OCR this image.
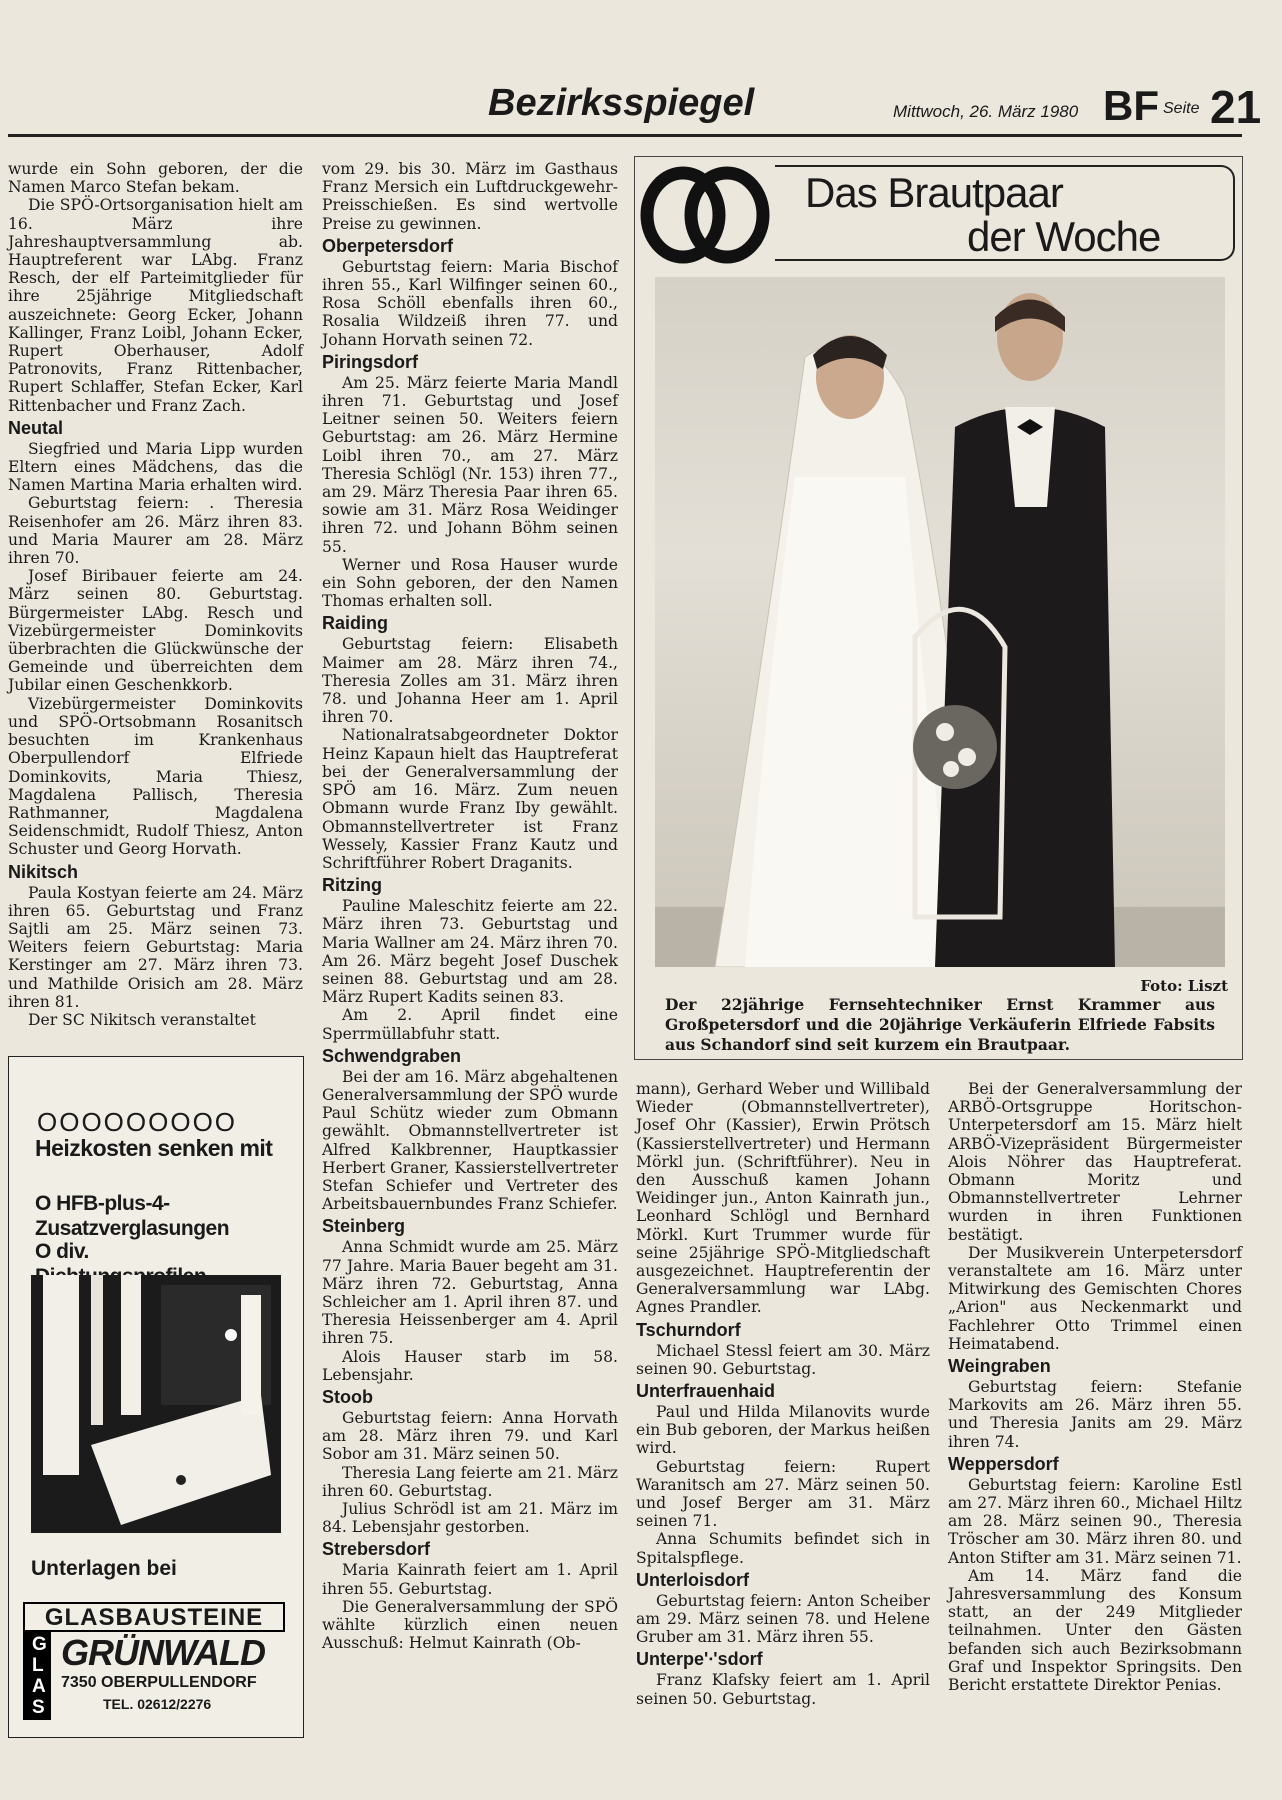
Bezirksspiegel	Mittwoch, 26. März 1980 BF Seite 21

wurde ein Sohn geboren, der die Namen Marco Stefan bekam.

Die SPÖ-Ortsorganisation hielt am 16. März ihre Jahreshauptversammlung ab. Hauptreferent war LAbg. Franz Resch, der elf Parteimitglieder für ihre 25jährige Mitgliedschaft auszeichnete: Georg Ecker, Johann Kallinger, Franz Loibl, Johann Ecker, Rupert Oberhauser, Adolf Patronovits, Franz Rittenbacher, Rupert Schlaffer, Stefan Ecker, Karl Rittenbacher und Franz Zach.

Neutal

Siegfried und Maria Lipp wurden Eltern eines Mädchens, das die Namen Martina Maria erhalten wird.

Geburtstag feiern: . Theresia Reisenhofer am 26. März ihren 83. und Maria Maurer am 28. März ihren 70.

Josef Biribauer feierte am 24. März seinen 80. Geburtstag. Bürgermeister LAbg. Resch und Vizebürgermeister Dominkovits überbrachten die Glückwünsche der Gemeinde und überreichten dem Jubilar einen Geschenkkorb.

Vizebürgermeister Dominkovits und SPÖ-Ortsobmann Rosanitsch besuchten im Krankenhaus Oberpullendorf Elfriede Dominkovits, Maria Thiesz, Magdalena Pallisch, Theresia Rathmanner, Magdalena Seidenschmidt, Rudolf Thiesz, Anton Schuster und Georg Horvath.

Nikitsch

Paula Kostyan feierte am 24. März ihren 65. Geburtstag und Franz Sajtli am 25. März seinen 73. Weiters feiern Geburtstag: Maria Kerstinger am 27. März ihren 73. und Mathilde Orisich am 28. März ihren 81.

Der SC Nikitsch veranstaltet

vom 29. bis 30. März im Gasthaus Franz Mersich ein Luftdruckgewehr-Preisschießen. Es sind wertvolle Preise zu gewinnen.

Oberpetersdorf

Geburtstag feiern: Maria Bischof ihren 55., Karl Wilfinger seinen 60., Rosa Schöll ebenfalls ihren 60., Rosalia Wildzeiß ihren 77. und Johann Horvath seinen 72.

Piringsdorf

Am 25. März feierte Maria Mandl ihren 71. Geburtstag und Josef Leitner seinen 50. Weiters feiern Geburtstag: am 26. März Hermine Loibl ihren 70., am 27. März Theresia Schlögl (Nr. 153) ihren 77., am 29. März Theresia Paar ihren 65. sowie am 31. März Rosa Weidinger ihren 72. und Johann Böhm seinen 55.

Werner und Rosa Hauser wurde ein Sohn geboren, der den Namen Thomas erhalten soll.

Raiding

Geburtstag feiern: Elisabeth Maimer am 28. März ihren 74., Theresia Zolles am 31. März ihren 78. und Johanna Heer am 1. April ihren 70.

Nationalratsabgeordneter Doktor Heinz Kapaun hielt das Hauptreferat bei der Generalversammlung der SPÖ am 16. März. Zum neuen Obmann wurde Franz Iby gewählt. Obmannstellvertreter ist Franz Wessely, Kassier Franz Kautz und Schriftführer Robert Draganits.

Ritzing

Pauline Maleschitz feierte am 22. März ihren 73. Geburtstag und Maria Wallner am 24. März ihren 70. Am 26. März begeht Josef Duschek seinen 88. Geburtstag und am 28. März Rupert Kadits seinen 83.

Am 2. April findet eine Sperrmüllabfuhr statt.

Schwendgraben

Bei der am 16. März abgehaltenen Generalversammlung der SPÖ wurde Paul Schütz wieder zum Obmann gewählt. Obmannstellvertreter ist Alfred Kalkbrenner, Hauptkassier Herbert Graner, Kassierstellvertreter Stefan Schiefer und Vertreter des Arbeitsbauernbundes Franz Schiefer.

Steinberg

Anna Schmidt wurde am 25. März 77 Jahre. Maria Bauer begeht am 31. März ihren 72. Geburtstag, Anna Schleicher am 1. April ihren 87. und Theresia Heissenberger am 4. April ihren 75.

Alois Hauser starb im 58. Lebensjahr.

Stoob

Geburtstag feiern: Anna Horvath am 28. März ihren 79. und Karl Sobor am 31. März seinen 50.

Theresia Lang feierte am 21. März ihren 60. Geburtstag.

Julius Schrödl ist am 21. März im 84. Lebensjahr gestorben.

Strebersdorf

Maria Kainrath feiert am 1. April ihren 55. Geburtstag.

Die Generalversammlung der SPÖ wählte kürzlich einen neuen Ausschuß: Helmut Kainrath (Ob-

Das Brautpaar
der Woche
Foto: Liszt
Der 22jährige Fernsehtechniker Ernst Krammer aus Großpetersdorf und die 20jährige Verkäuferin Elfriede Fabsits aus Schandorf sind seit kurzem ein Brautpaar.

mann), Gerhard Weber und Willibald Wieder (Obmannstellvertreter), Josef Ohr (Kassier), Erwin Prötsch (Kassierstellvertreter) und Hermann Mörkl jun. (Schriftführer). Neu in den Ausschuß kamen Johann Weidinger jun., Anton Kainrath jun., Leonhard Schlögl und Bernhard Mörkl. Kurt Trummer wurde für seine 25jährige SPÖ-Mitgliedschaft ausgezeichnet. Hauptreferentin der Generalversammlung war LAbg. Agnes Prandler.

Tschurndorf

Michael Stessl feiert am 30. März seinen 90. Geburtstag.

Unterfrauenhaid

Paul und Hilda Milanovits wurde ein Bub geboren, der Markus heißen wird.

Geburtstag feiern: Rupert Waranitsch am 27. März seinen 50. und Josef Berger am 31. März seinen 71.

Anna Schumits befindet sich in Spitalspflege.

Unterloisdorf

Geburtstag feiern: Anton Scheiber am 29. März seinen 78. und Helene Gruber am 31. März ihren 55.

Unterpe'∙'sdorf

Franz Klafsky feiert am 1. April seinen 50. Geburtstag.

Bei der Generalversammlung der ARBÖ-Ortsgruppe Horitschon-Unterpetersdorf am 15. März hielt ARBÖ-Vizepräsident Bürgermeister Alois Nöhrer das Hauptreferat. Obmann Moritz und Obmannstellvertreter Lehrner wurden in ihren Funktionen bestätigt.

Der Musikverein Unterpetersdorf veranstaltete am 16. März unter Mitwirkung des Gemischten Chores „Arion" aus Neckenmarkt und Fachlehrer Otto Trimmel einen Heimatabend.

Weingraben

Geburtstag feiern: Stefanie Markovits am 26. März ihren 55. und Theresia Janits am 29. März ihren 74.

Weppersdorf

Geburtstag feiern: Karoline Estl am 27. März ihren 60., Michael Hiltz am 28. März seinen 90., Theresia Tröscher am 30. März ihren 80. und Anton Stifter am 31. März seinen 71.

Am 14. März fand die Jahresversammlung des Konsum statt, an der 249 Mitglieder teilnahmen. Unter den Gästen befanden sich auch Bezirksobmann Graf und Inspektor Springsits. Den Bericht erstattete Direktor Penias.

OOOOOOOOO
Heizkosten senken mit
O HFB-plus-4-Zusatzverglasungen
O div.
Unterlagen bei
GLASBAUSTEINE
GLAS
GRÜNWALD
7350 OBERPULLENDORF
TEL. 02612/2276
